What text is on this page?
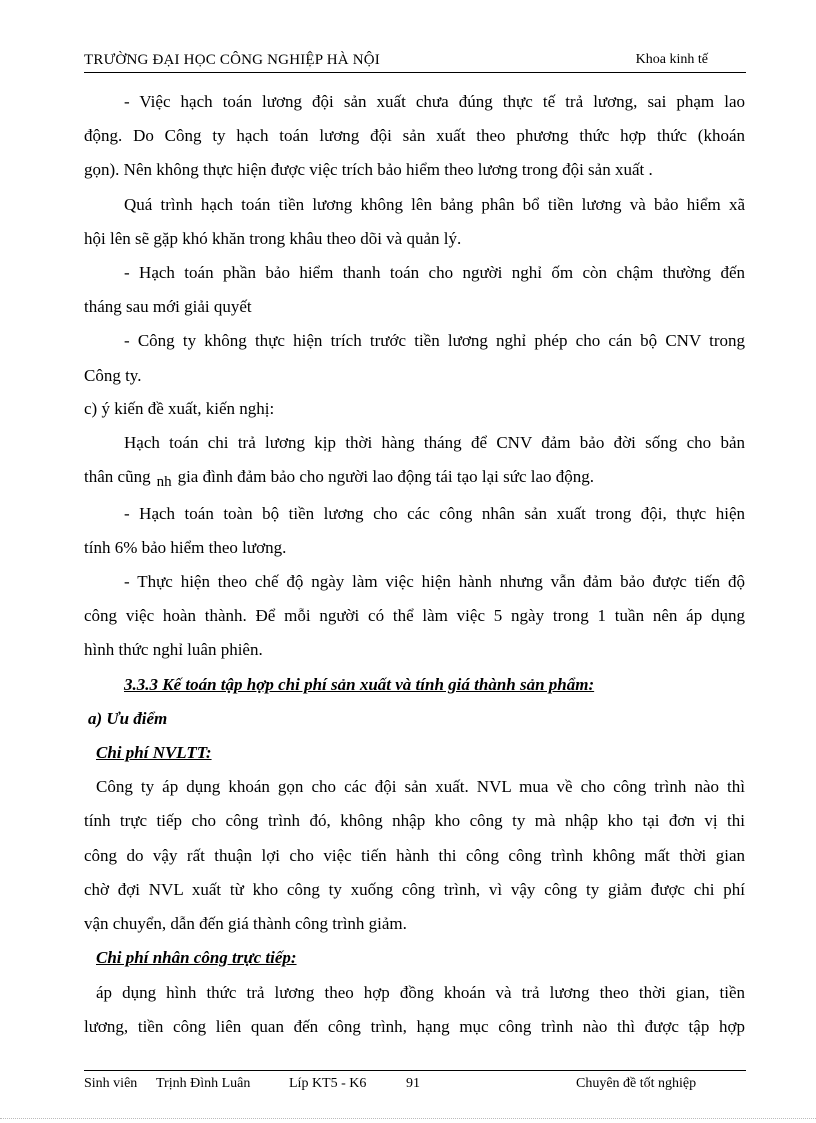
TRƯỜNG ĐẠI HỌC CÔNG NGHIỆP HÀ NỘI	Khoa kinh tế
- Việc hạch toán lương đội sản xuất chưa đúng thực tế trả lương, sai phạm lao
động. Do Công ty hạch toán lương đội sản xuất theo phương thức hợp thức (khoán
gọn). Nên không thực hiện được việc trích bảo hiểm theo lương trong đội sản xuất .
Quá trình hạch toán tiền lương không lên bảng phân bổ tiền lương và bảo hiểm xã
hội lên sẽ gặp khó khăn trong khâu theo dõi và quản lý.
- Hạch toán phần bảo hiểm thanh toán cho người nghỉ ốm còn chậm thường đến
tháng sau mới giải quyết
- Công ty không thực hiện trích trước tiền lương nghỉ phép cho cán bộ CNV trong
Công ty.
c) ý kiến đề xuất, kiến nghị:
Hạch toán chi trả lương kịp thời hàng tháng để CNV đảm bảo đời sống cho bản
thân cũng nh gia đình đảm bảo cho người lao động tái tạo lại sức lao động.
- Hạch toán toàn bộ tiền lương cho các công nhân sản xuất trong đội, thực hiện
tính 6% bảo hiểm theo lương.
- Thực hiện theo chế độ ngày làm việc hiện hành nhưng vẫn đảm bảo được tiến độ
công việc hoàn thành. Để mỗi người có thể làm việc 5 ngày trong 1 tuần nên áp dụng
hình thức nghỉ luân phiên.
3.3.3 Kế toán tập hợp chi phí sản xuất và tính giá thành sản phẩm:
a) Ưu điểm
Chi phí NVLTT:
Công ty áp dụng khoán gọn cho các đội sản xuất. NVL mua về cho công trình nào thì
tính trực tiếp cho công trình đó, không nhập kho công ty mà nhập kho tại đơn vị thi
công do vậy rất thuận lợi cho việc tiến hành thi công công trình không mất thời gian
chờ đợi NVL xuất từ kho công ty xuống công trình, vì vậy công ty giảm được chi phí
vận chuyển, dẫn đến giá thành công trình giảm.
Chi phí nhân công trực tiếp:
áp dụng hình thức trả lương theo hợp đồng khoán và trả lương theo thời gian, tiền
lương, tiền công liên quan đến công trình, hạng mục công trình nào thì được tập hợp
Sinh viên Trịnh Đình Luân	Líp KT5 - K6	91	Chuyên đề tốt nghiệp
